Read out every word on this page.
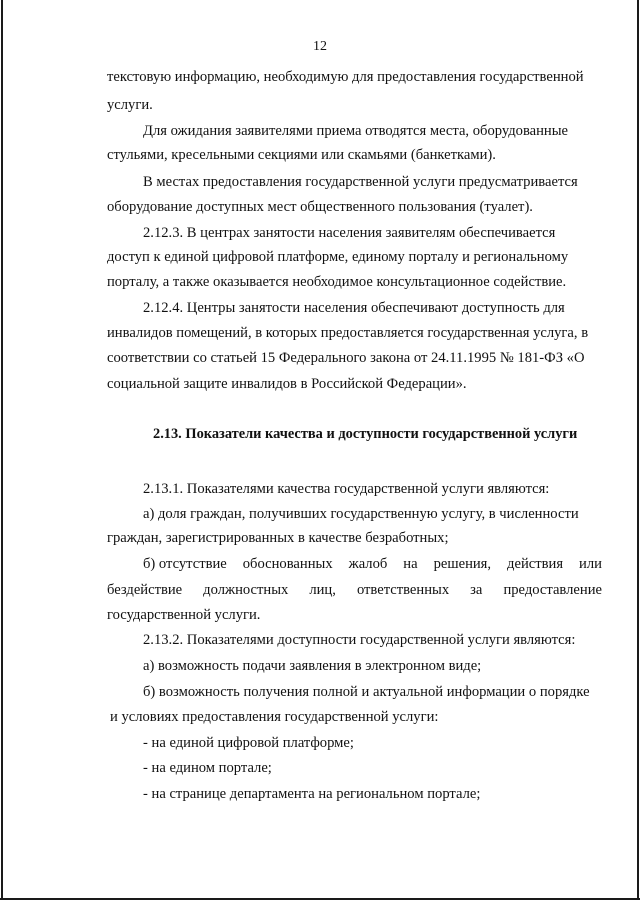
12
текстовую информацию, необходимую для предоставления государственной
услуги.
Для ожидания заявителями приема отводятся места, оборудованные
стульями, кресельными секциями или скамьями (банкетками).
В местах предоставления государственной услуги предусматривается
оборудование доступных мест общественного пользования (туалет).
2.12.3. В центрах занятости населения заявителям обеспечивается
доступ к единой цифровой платформе, единому порталу и региональному
порталу, а также оказывается необходимое консультационное содействие.
2.12.4. Центры занятости населения обеспечивают доступность для
инвалидов помещений, в которых предоставляется государственная услуга, в
соответствии со статьей 15 Федерального закона от 24.11.1995 № 181-ФЗ «О
социальной защите инвалидов в Российской Федерации».
2.13. Показатели качества и доступности государственной услуги
2.13.1. Показателями качества государственной услуги являются:
а) доля граждан, получивших государственную услугу, в численности
граждан, зарегистрированных в качестве безработных;
б) отсутствие обоснованных жалоб на решения, действия или
бездействие должностных лиц, ответственных за предоставление
государственной услуги.
2.13.2. Показателями доступности государственной услуги являются:
а) возможность подачи заявления в электронном виде;
б) возможность получения полной и актуальной информации о порядке
и условиях предоставления государственной услуги:
- на единой цифровой платформе;
- на едином портале;
- на странице департамента на региональном портале;
